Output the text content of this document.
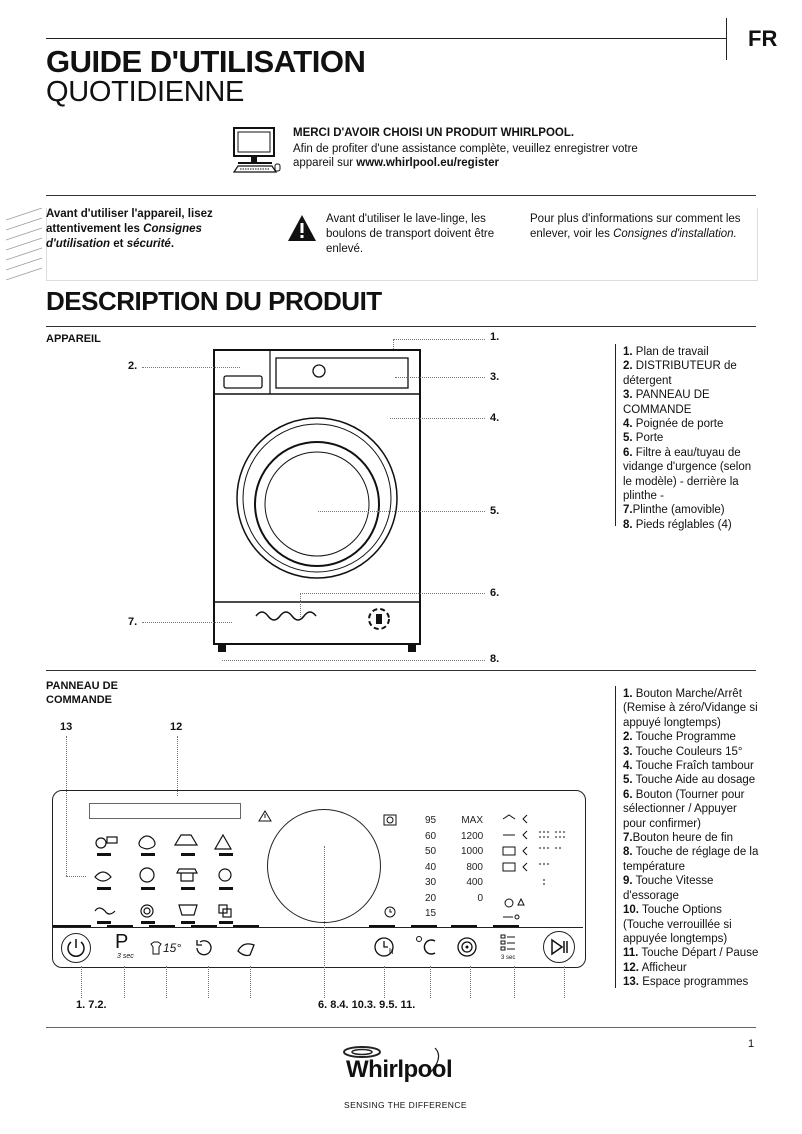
GUIDE D'UTILISATION
QUOTIDIENNE
FR
MERCI D'AVOIR CHOISI UN PRODUIT WHIRLPOOL.
Afin de profiter d'une assistance complète, veuillez enregistrer votre
appareil sur www.whirlpool.eu/register
Avant d'utiliser l'appareil, lisez attentivement les Consignes d'utilisation et sécurité.
Avant d'utiliser le lave-linge, les boulons de transport doivent être enlevé.
Pour plus d'informations sur comment les enlever, voir les Consignes d'installation.
DESCRIPTION DU PRODUIT
APPAREIL	1.
2.
3.
4.
5.
6.
7.
8.
1. Plan de travail
2. DISTRIBUTEUR de détergent
3. PANNEAU DE COMMANDE
4. Poignée de porte
5. Porte
6. Filtre à eau/tuyau de vidange d'urgence (selon le modèle) - derrière la plinthe -
7.Plinthe (amovible)
8. Pieds réglables (4)
PANNEAU DE
COMMANDE
13	12
95
60
50
40
30
20
15
MAX
1200
1000
800
400
0
P
3 sec
15°	h
3 sec
1. 7.2.	6. 8.4. 10.3. 9.5. 11.
1. Bouton Marche/Arrêt (Remise à zéro/Vidange si appuyé longtemps)
2. Touche Programme
3. Touche Couleurs 15°
4. Touche Fraîch tambour
5. Touche Aide au dosage
6. Bouton (Tourner pour sélectionner / Appuyer pour confirmer)
7.Bouton heure de fin
8. Touche de réglage de la température
9. Touche Vitesse d'essorage
10. Touche Options (Touche verrouillée si appuyée longtemps)
11. Touche Départ / Pause
12. Afficheur
13. Espace programmes
1
Whirlpool
SENSING THE DIFFERENCE
